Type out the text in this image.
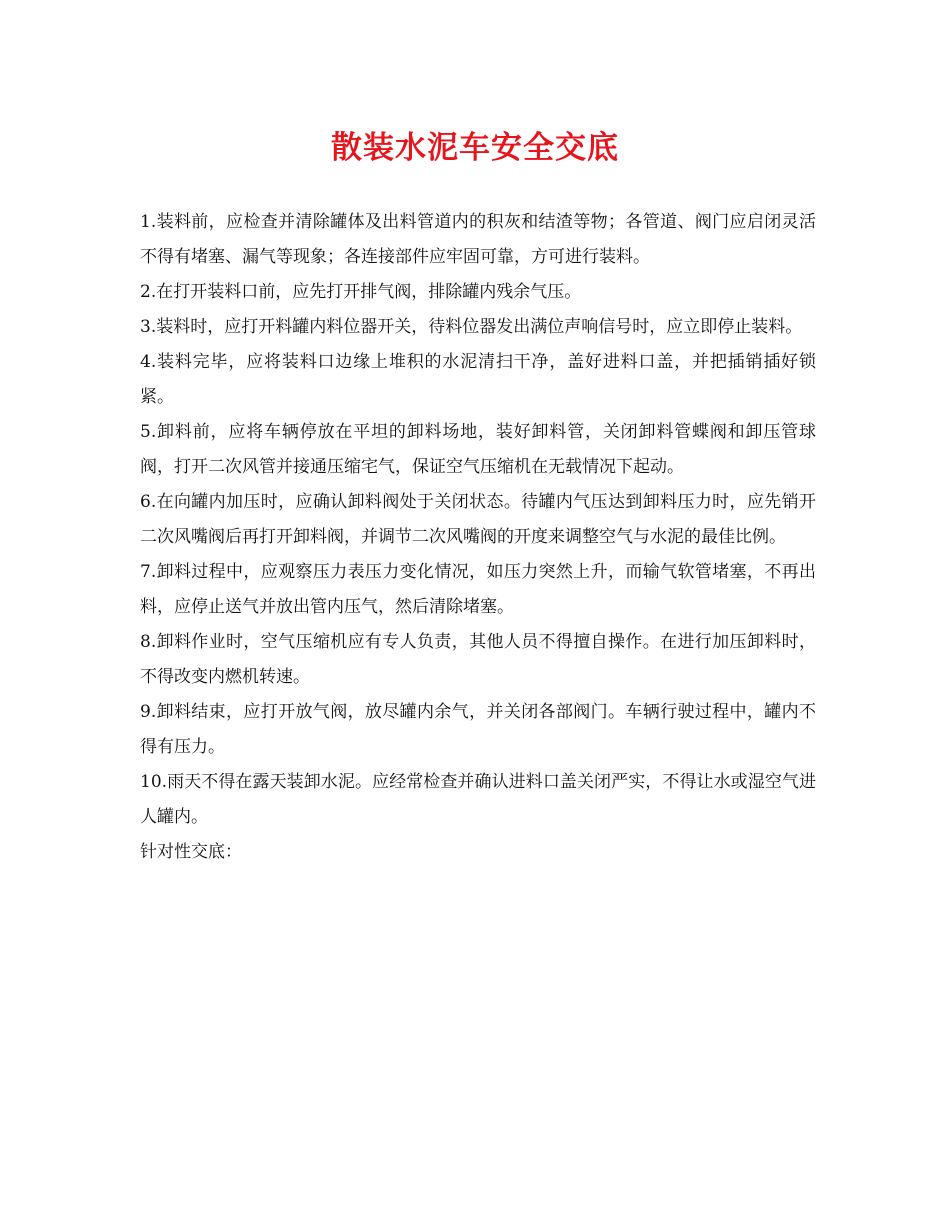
散装水泥车安全交底

1.装料前，应检查并清除罐体及出料管道内的积灰和结渣等物；各管道、阀门应启闭灵活不得有堵塞、漏气等现象；各连接部件应牢固可靠，方可进行装料。

2.在打开装料口前，应先打开排气阀，排除罐内残余气压。

3.装料时，应打开料罐内料位器开关，待料位器发出满位声响信号时，应立即停止装料。

4.装料完毕，应将装料口边缘上堆积的水泥清扫干净，盖好进料口盖，并把插销插好锁紧。

5.卸料前，应将车辆停放在平坦的卸料场地，装好卸料管，关闭卸料管蝶阀和卸压管球阀，打开二次风管并接通压缩宅气，保证空气压缩机在无载情况下起动。

6.在向罐内加压时，应确认卸料阀处于关闭状态。待罐内气压达到卸料压力时，应先销开二次风嘴阀后再打开卸料阀，并调节二次风嘴阀的开度来调整空气与水泥的最佳比例。

7.卸料过程中，应观察压力表压力变化情况，如压力突然上升，而输气软管堵塞，不再出料，应停止送气并放出管内压气，然后清除堵塞。

8.卸料作业时，空气压缩机应有专人负责，其他人员不得擅自操作。在进行加压卸料时，不得改变内燃机转速。

9.卸料结束，应打开放气阀，放尽罐内余气，并关闭各部阀门。车辆行驶过程中，罐内不得有压力。

10.雨天不得在露天装卸水泥。应经常检查并确认进料口盖关闭严实，不得让水或湿空气进人罐内。

针对性交底：
